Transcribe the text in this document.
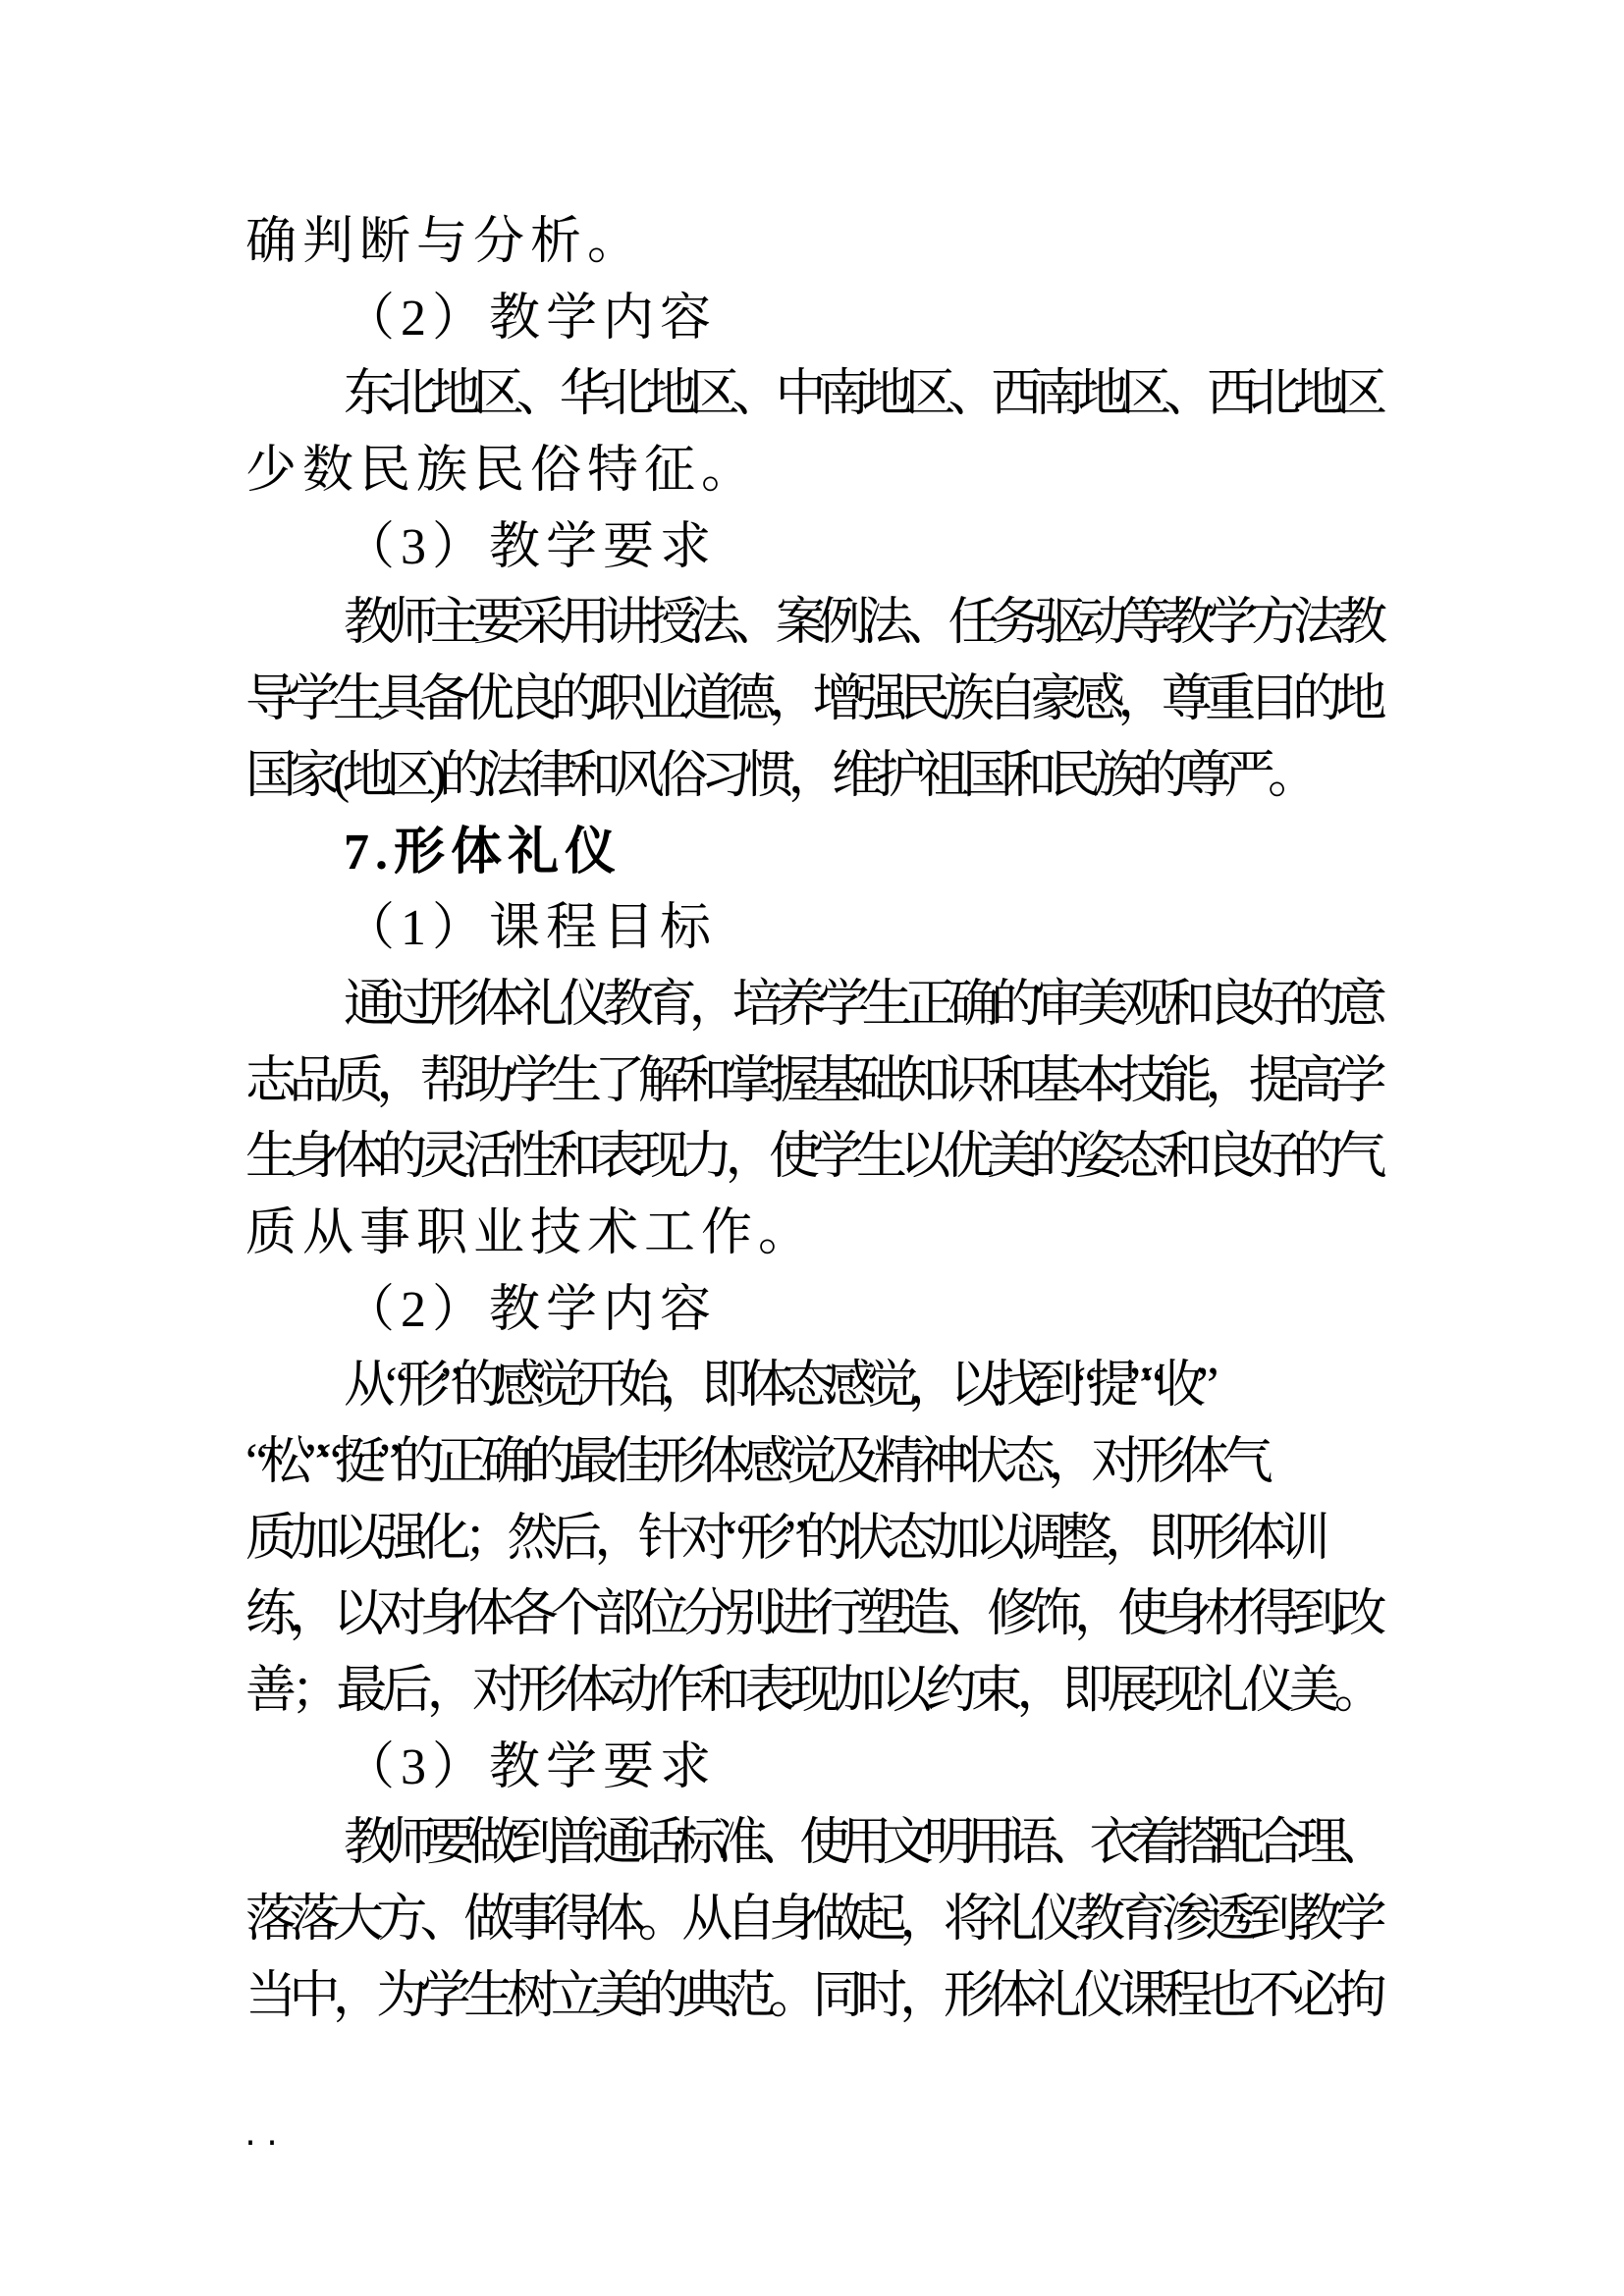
确判断与分析。
（2）教学内容
东北地区、华北地区、中南地区、西南地区、西北地区
少数民族民俗特征。
（3）教学要求
教师主要采用讲授法、案例法、任务驱动等教学方法教
导学生具备优良的职业道德，增强民族自豪感，尊重目的地
国家(地区)的法律和风俗习惯，维护祖国和民族的尊严。
7.形体礼仪
（1）课程目标
通过形体礼仪教育，培养学生正确的审美观和良好的意
志品质，帮助学生了解和掌握基础知识和基本技能，提高学
生身体的灵活性和表现力，使学生以优美的姿态和良好的气
质从事职业技术工作。
（2）教学内容
从“形”的感觉开始，即体态感觉，以找到“提”“收”
“松”“挺”的正确的最佳形体感觉及精神状态，对形体气
质加以强化；然后，针对“形”的状态加以调整，即形体训
练，以对身体各个部位分别进行塑造、修饰，使身材得到改
善；最后，对形体动作和表现加以约束，即展现礼仪美。
（3）教学要求
教师要做到普通话标准、使用文明用语、衣着搭配合理、
落落大方、做事得体。从自身做起，将礼仪教育渗透到教学
当中，为学生树立美的典范。同时，形体礼仪课程也不必拘
..
